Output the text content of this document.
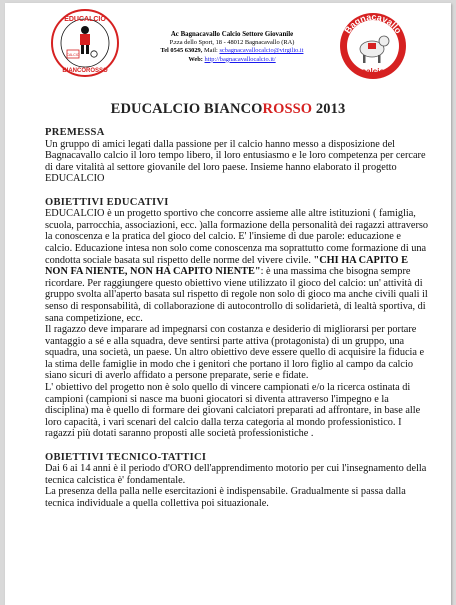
EDUCALCIO
BIANCOROSSO
CALCIO
Ac Bagnacavallo Calcio Settore Giovanile
P.zza dello Sport, 18 - 48012 Bagnacavallo (RA)
Tel 0545 63029, Mail: scbagnacavallocalcio@virgilio.it
Web: http://bagnacavallocalcio.it/
Bagnacavallo
calcio
EDUCALCIO BIANCOROSSO 2013
PREMESSA

Un gruppo di amici legati dalla passione per il calcio hanno messo a disposizione del Bagnacavallo calcio il loro tempo libero, il loro entusiasmo e le loro competenza per cercare di dare vitalità al settore giovanile del loro paese. Insieme hanno elaborato il progetto EDUCALCIO

OBIETTIVI EDUCATIVI

EDUCALCIO è un progetto sportivo che concorre assieme alle altre istituzioni ( famiglia, scuola, parrocchia, associazioni, ecc. )alla formazione della personalità dei ragazzi attraverso la conoscenza e la pratica del gioco del calcio. E' l'insieme di due parole: educazione e calcio. Educazione intesa non solo come conoscenza ma soprattutto come formazione di una condotta sociale basata sul rispetto delle norme del vivere civile. "CHI HA CAPITO E NON FA NIENTE, NON HA CAPITO NIENTE": è una massima che bisogna sempre ricordare. Per raggiungere questo obiettivo viene utilizzato il gioco del calcio: un' attività di gruppo svolta all'aperto basata sul rispetto di regole non solo di gioco ma anche civili quali il senso di responsabilità, di collaborazione di autocontrollo di solidarietà, di lealtà sportiva, di sana competizione, ecc.

Il ragazzo deve imparare ad impegnarsi con costanza e desiderio di migliorarsi per portare vantaggio a sé e alla squadra, deve sentirsi parte attiva (protagonista) di un gruppo, una squadra, una società, un paese. Un altro obiettivo deve essere quello di acquisire la fiducia e la stima delle famiglie in modo che i genitori che portano il loro figlio al campo da calcio siano sicuri di averlo affidato a persone preparate, serie e fidate.

L' obiettivo del progetto non è solo quello di vincere campionati e/o la ricerca ostinata di campioni (campioni si nasce ma buoni giocatori si diventa attraverso l'impegno e la disciplina) ma è quello di formare dei giovani calciatori preparati ad affrontare, in base alle loro capacità, i vari scenari del calcio dalla terza categoria al mondo professionistico. I ragazzi più dotati saranno proposti alle società professionistiche .

OBIETTIVI TECNICO-TATTICI

Dai 6 ai 14 anni è il periodo d'ORO dell'apprendimento motorio per cui l'insegnamento della tecnica calcistica è' fondamentale.

La presenza della palla nelle esercitazioni è indispensabile. Gradualmente si passa dalla tecnica individuale a quella collettiva poi situazionale.
